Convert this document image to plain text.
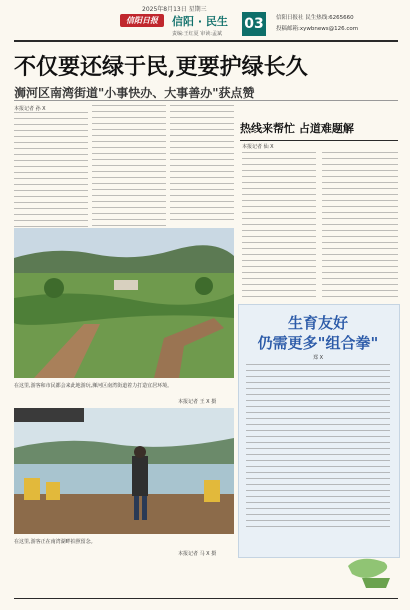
2025年8月13日 星期三
信阳日报	信阳 · 民生
责编:王红夏 审读:孟斌
03	信阳日报社 民生热线:6265660
投稿邮箱:xywbnews@126.com
不仅要还绿于民,更要护绿长久
浉河区南湾街道"小事快办、大事善办"获点赞
本报记者 孙 X
在这里,游客和市民都会来此地游玩,浉河区南湾街道着力打造宜居环境。
本报记者 王 X 摄
在这里,游客正在南湾湖畔拍照留念。
本报记者 马 X 摄
热线来帮忙 占道难题解
本报记者 仙 X
生育友好
仍需更多"组合拳"
郑 X
